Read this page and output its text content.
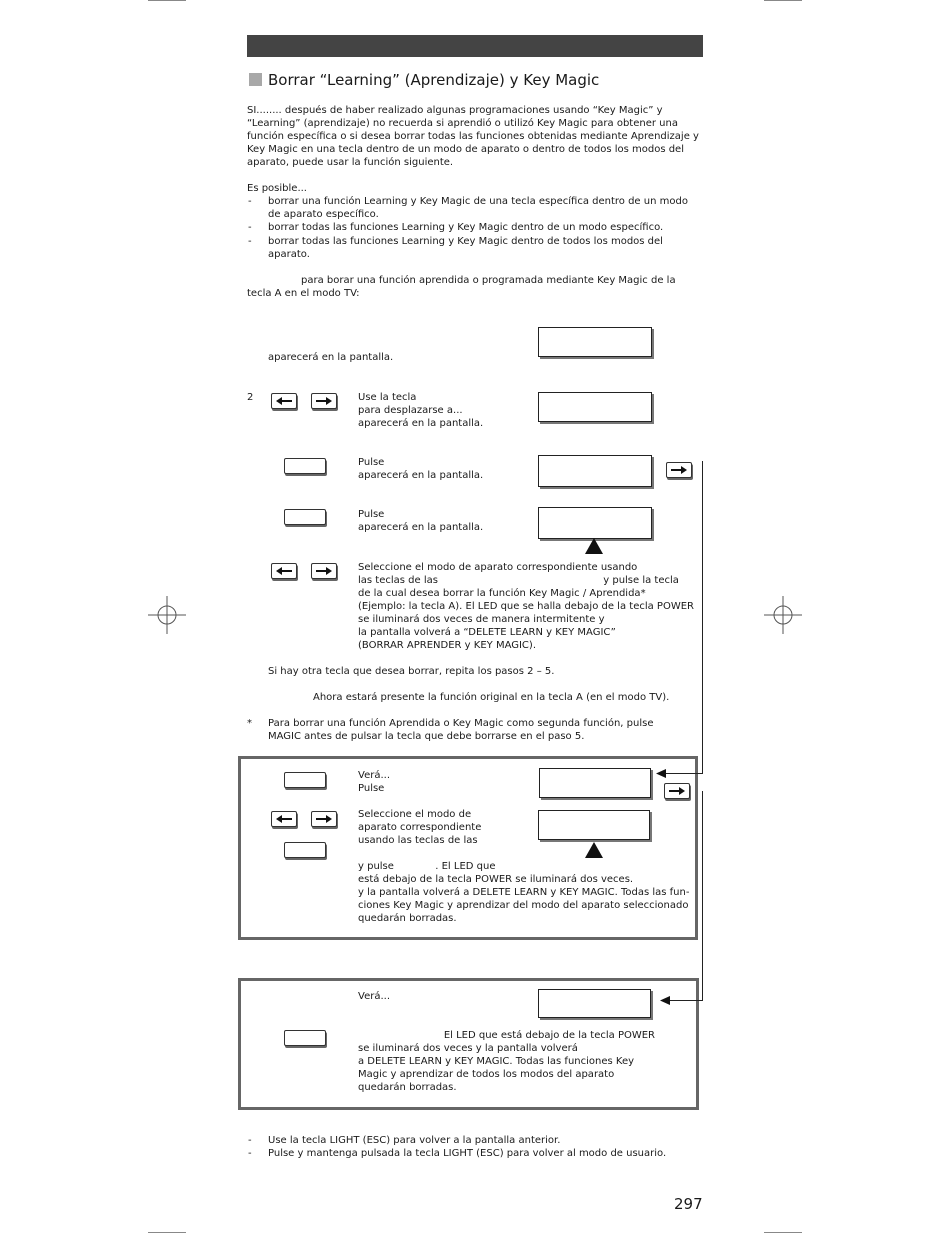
Borrar “Learning” (Aprendizaje) y Key Magic
SI........ después de haber realizado algunas programaciones usando “Key Magic” y
“Learning” (aprendizaje) no recuerda si aprendió o utilizó Key Magic para obtener una
función específica o si desea borrar todas las funciones obtenidas mediante Aprendizaje y
Key Magic en una tecla dentro de un modo de aparato o dentro de todos los modos del
aparato, puede usar la función siguiente.
Es posible...
- borrar una función Learning y Key Magic de una tecla específica dentro de un modo
de aparato específico.
- borrar todas las funciones Learning y Key Magic dentro de un modo específico.
- borrar todas las funciones Learning y Key Magic dentro de todos los modos del
aparato.
para borar una función aprendida o programada mediante Key Magic de la
tecla A en el modo TV:
aparecerá en la pantalla.
2	Use la tecla
para desplazarse a...
aparecerá en la pantalla.
Pulse
aparecerá en la pantalla.
Pulse
aparecerá en la pantalla.
Seleccione el modo de aparato correspondiente usando
las teclas de las                                                    y pulse la tecla
de la cual desea borrar la función Key Magic / Aprendida*
(Ejemplo: la tecla A). El LED que se halla debajo de la tecla POWER
se iluminará dos veces de manera intermitente y
la pantalla volverá a “DELETE LEARN y KEY MAGIC”
(BORRAR APRENDER y KEY MAGIC).
Si hay otra tecla que desea borrar, repita los pasos 2 – 5.
Ahora estará presente la función original en la tecla A (en el modo TV).
* Para borrar una función Aprendida o Key Magic como segunda función, pulse
MAGIC antes de pulsar la tecla que debe borrarse en el paso 5.
Verá...
Pulse
Seleccione el modo de
aparato correspondiente
usando las teclas de las
y pulse             . El LED que
está debajo de la tecla POWER se iluminará dos veces.
y la pantalla volverá a DELETE LEARN y KEY MAGIC. Todas las fun-
ciones Key Magic y aprendizar del modo del aparato seleccionado
quedarán borradas.
Verá...
El LED que está debajo de la tecla POWER
se iluminará dos veces y la pantalla volverá
a DELETE LEARN y KEY MAGIC. Todas las funciones Key
Magic y aprendizar de todos los modos del aparato
quedarán borradas.
- Use la tecla LIGHT (ESC) para volver a la pantalla anterior.
- Pulse y mantenga pulsada la tecla LIGHT (ESC) para volver al modo de usuario.
297
